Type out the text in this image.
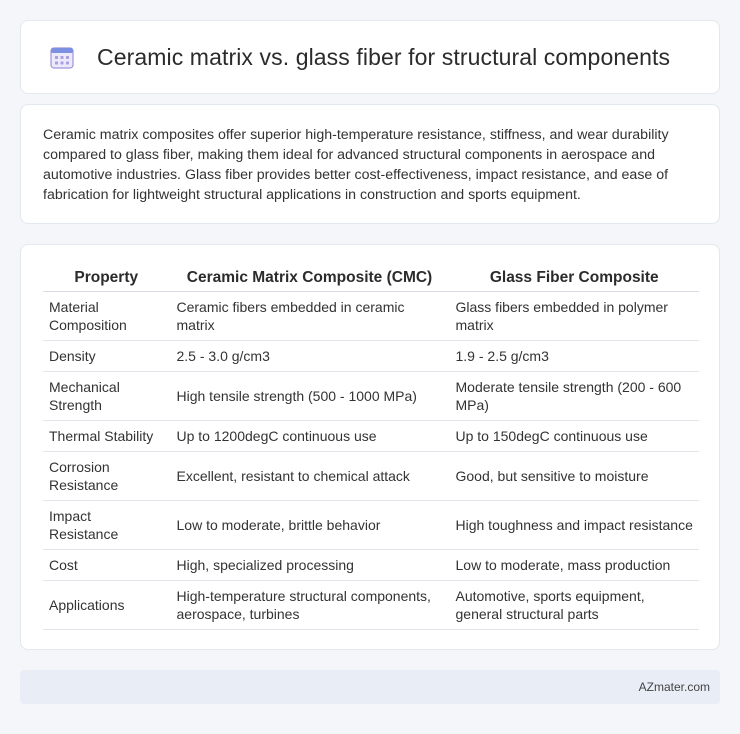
Ceramic matrix vs. glass fiber for structural components

Ceramic matrix composites offer superior high-temperature resistance, stiffness, and wear durability compared to glass fiber, making them ideal for advanced structural components in aerospace and automotive industries. Glass fiber provides better cost-effectiveness, impact resistance, and ease of fabrication for lightweight structural applications in construction and sports equipment.

Property	Ceramic Matrix Composite (CMC)	Glass Fiber Composite
Material Composition	Ceramic fibers embedded in ceramic matrix	Glass fibers embedded in polymer matrix
Density	2.5 - 3.0 g/cm3	1.9 - 2.5 g/cm3
Mechanical Strength	High tensile strength (500 - 1000 MPa)	Moderate tensile strength (200 - 600 MPa)
Thermal Stability	Up to 1200degC continuous use	Up to 150degC continuous use
Corrosion Resistance	Excellent, resistant to chemical attack	Good, but sensitive to moisture
Impact Resistance	Low to moderate, brittle behavior	High toughness and impact resistance
Cost	High, specialized processing	Low to moderate, mass production
Applications	High-temperature structural components, aerospace, turbines	Automotive, sports equipment, general structural parts
AZmater.com
